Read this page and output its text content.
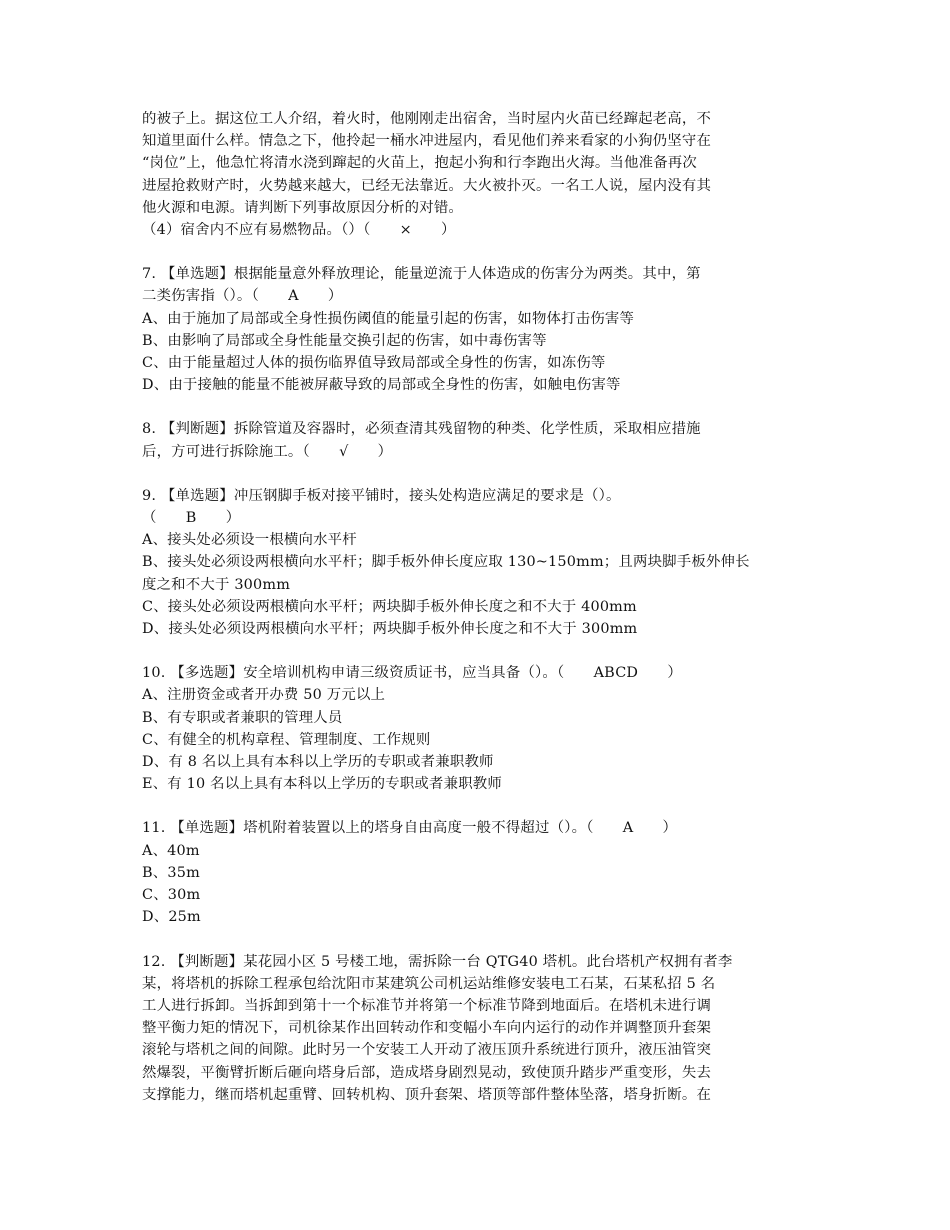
的被子上。据这位工人介绍，着火时，他刚刚走出宿舍，当时屋内火苗已经蹿起老高，不
知道里面什么样。情急之下，他拎起一桶水冲进屋内，看见他们养来看家的小狗仍坚守在
“岗位”上，他急忙将清水浇到蹿起的火苗上，抱起小狗和行李跑出火海。当他准备再次
进屋抢救财产时，火势越来越大，已经无法靠近。大火被扑灭。一名工人说，屋内没有其
他火源和电源。请判断下列事故原因分析的对错。
（4）宿舍内不应有易燃物品。（）（　　×　　）
7. 【单选题】根据能量意外释放理论，能量逆流于人体造成的伤害分为两类。其中，第
二类伤害指（）。（　　A　　）
A、由于施加了局部或全身性损伤阈值的能量引起的伤害，如物体打击伤害等
B、由影响了局部或全身性能量交换引起的伤害，如中毒伤害等
C、由于能量超过人体的损伤临界值导致局部或全身性的伤害，如冻伤等
D、由于接触的能量不能被屏蔽导致的局部或全身性的伤害，如触电伤害等
8. 【判断题】拆除管道及容器时，必须查清其残留物的种类、化学性质，采取相应措施
后，方可进行拆除施工。（　　√　　）
9. 【单选题】冲压钢脚手板对接平铺时，接头处构造应满足的要求是（）。
（　　B　　）
A、接头处必须设一根横向水平杆
B、接头处必须设两根横向水平杆；脚手板外伸长度应取 130~150mm；且两块脚手板外伸长
度之和不大于 300mm
C、接头处必须设两根横向水平杆；两块脚手板外伸长度之和不大于 400mm
D、接头处必须设两根横向水平杆；两块脚手板外伸长度之和不大于 300mm
10. 【多选题】安全培训机构申请三级资质证书，应当具备（）。（　　ABCD　　）
A、注册资金或者开办费 50 万元以上
B、有专职或者兼职的管理人员
C、有健全的机构章程、管理制度、工作规则
D、有 8 名以上具有本科以上学历的专职或者兼职教师
E、有 10 名以上具有本科以上学历的专职或者兼职教师
11. 【单选题】塔机附着装置以上的塔身自由高度一般不得超过（）。（　　A　　）
A、40m
B、35m
C、30m
D、25m
12. 【判断题】某花园小区 5 号楼工地，需拆除一台 QTG40 塔机。此台塔机产权拥有者李
某，将塔机的拆除工程承包给沈阳市某建筑公司机运站维修安装电工石某，石某私招 5 名
工人进行拆卸。当拆卸到第十一个标准节并将第一个标准节降到地面后。在塔机未进行调
整平衡力矩的情况下，司机徐某作出回转动作和变幅小车向内运行的动作并调整顶升套架
滚轮与塔机之间的间隙。此时另一个安装工人开动了液压顶升系统进行顶升，液压油管突
然爆裂，平衡臂折断后砸向塔身后部，造成塔身剧烈晃动，致使顶升踏步严重变形，失去
支撑能力，继而塔机起重臂、回转机构、顶升套架、塔顶等部件整体坠落，塔身折断。在
